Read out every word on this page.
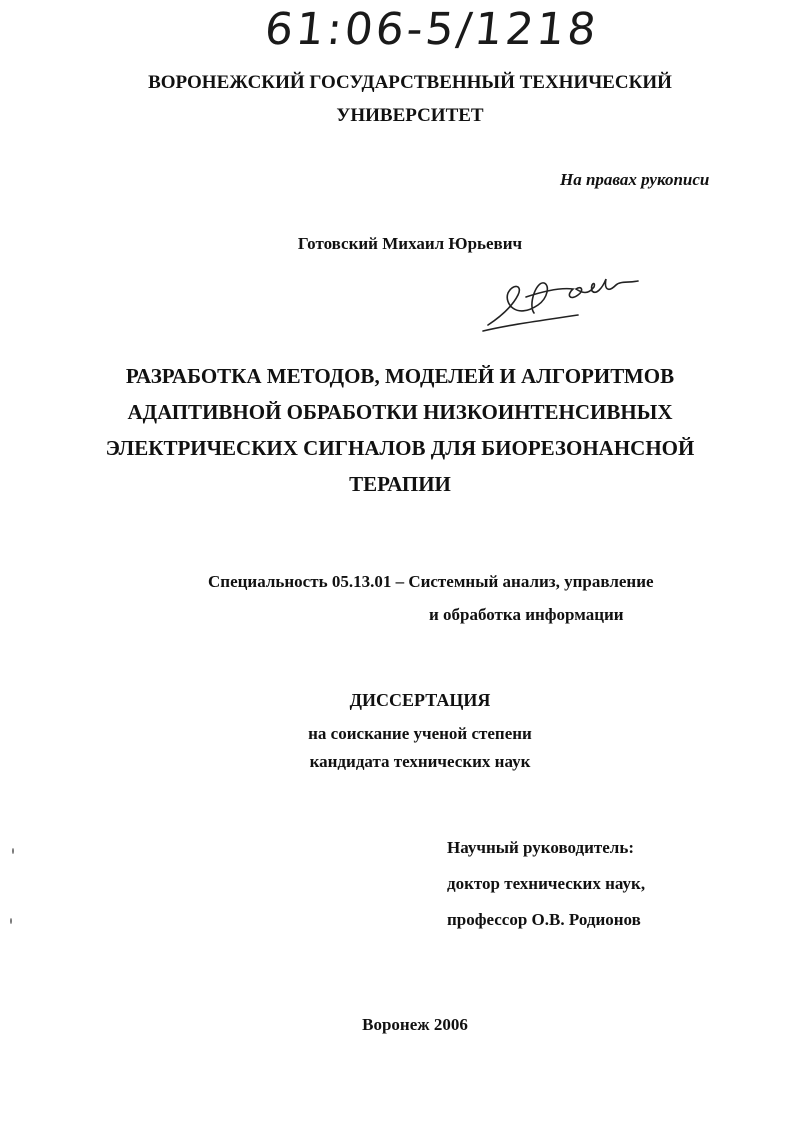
61:06-5/1218
ВОРОНЕЖСКИЙ ГОСУДАРСТВЕННЫЙ ТЕХНИЧЕСКИЙ
УНИВЕРСИТЕТ
На правах рукописи
Готовский Михаил Юрьевич
РАЗРАБОТКА МЕТОДОВ, МОДЕЛЕЙ И АЛГОРИТМОВ
АДАПТИВНОЙ ОБРАБОТКИ НИЗКОИНТЕНСИВНЫХ
ЭЛЕКТРИЧЕСКИХ СИГНАЛОВ ДЛЯ БИОРЕЗОНАНСНОЙ
ТЕРАПИИ
Специальность 05.13.01 – Системный анализ, управление
и обработка информации
ДИССЕРТАЦИЯ
на соискание ученой степени
кандидата технических наук
Научный руководитель:
доктор технических наук,
профессор О.В. Родионов
Воронеж 2006
